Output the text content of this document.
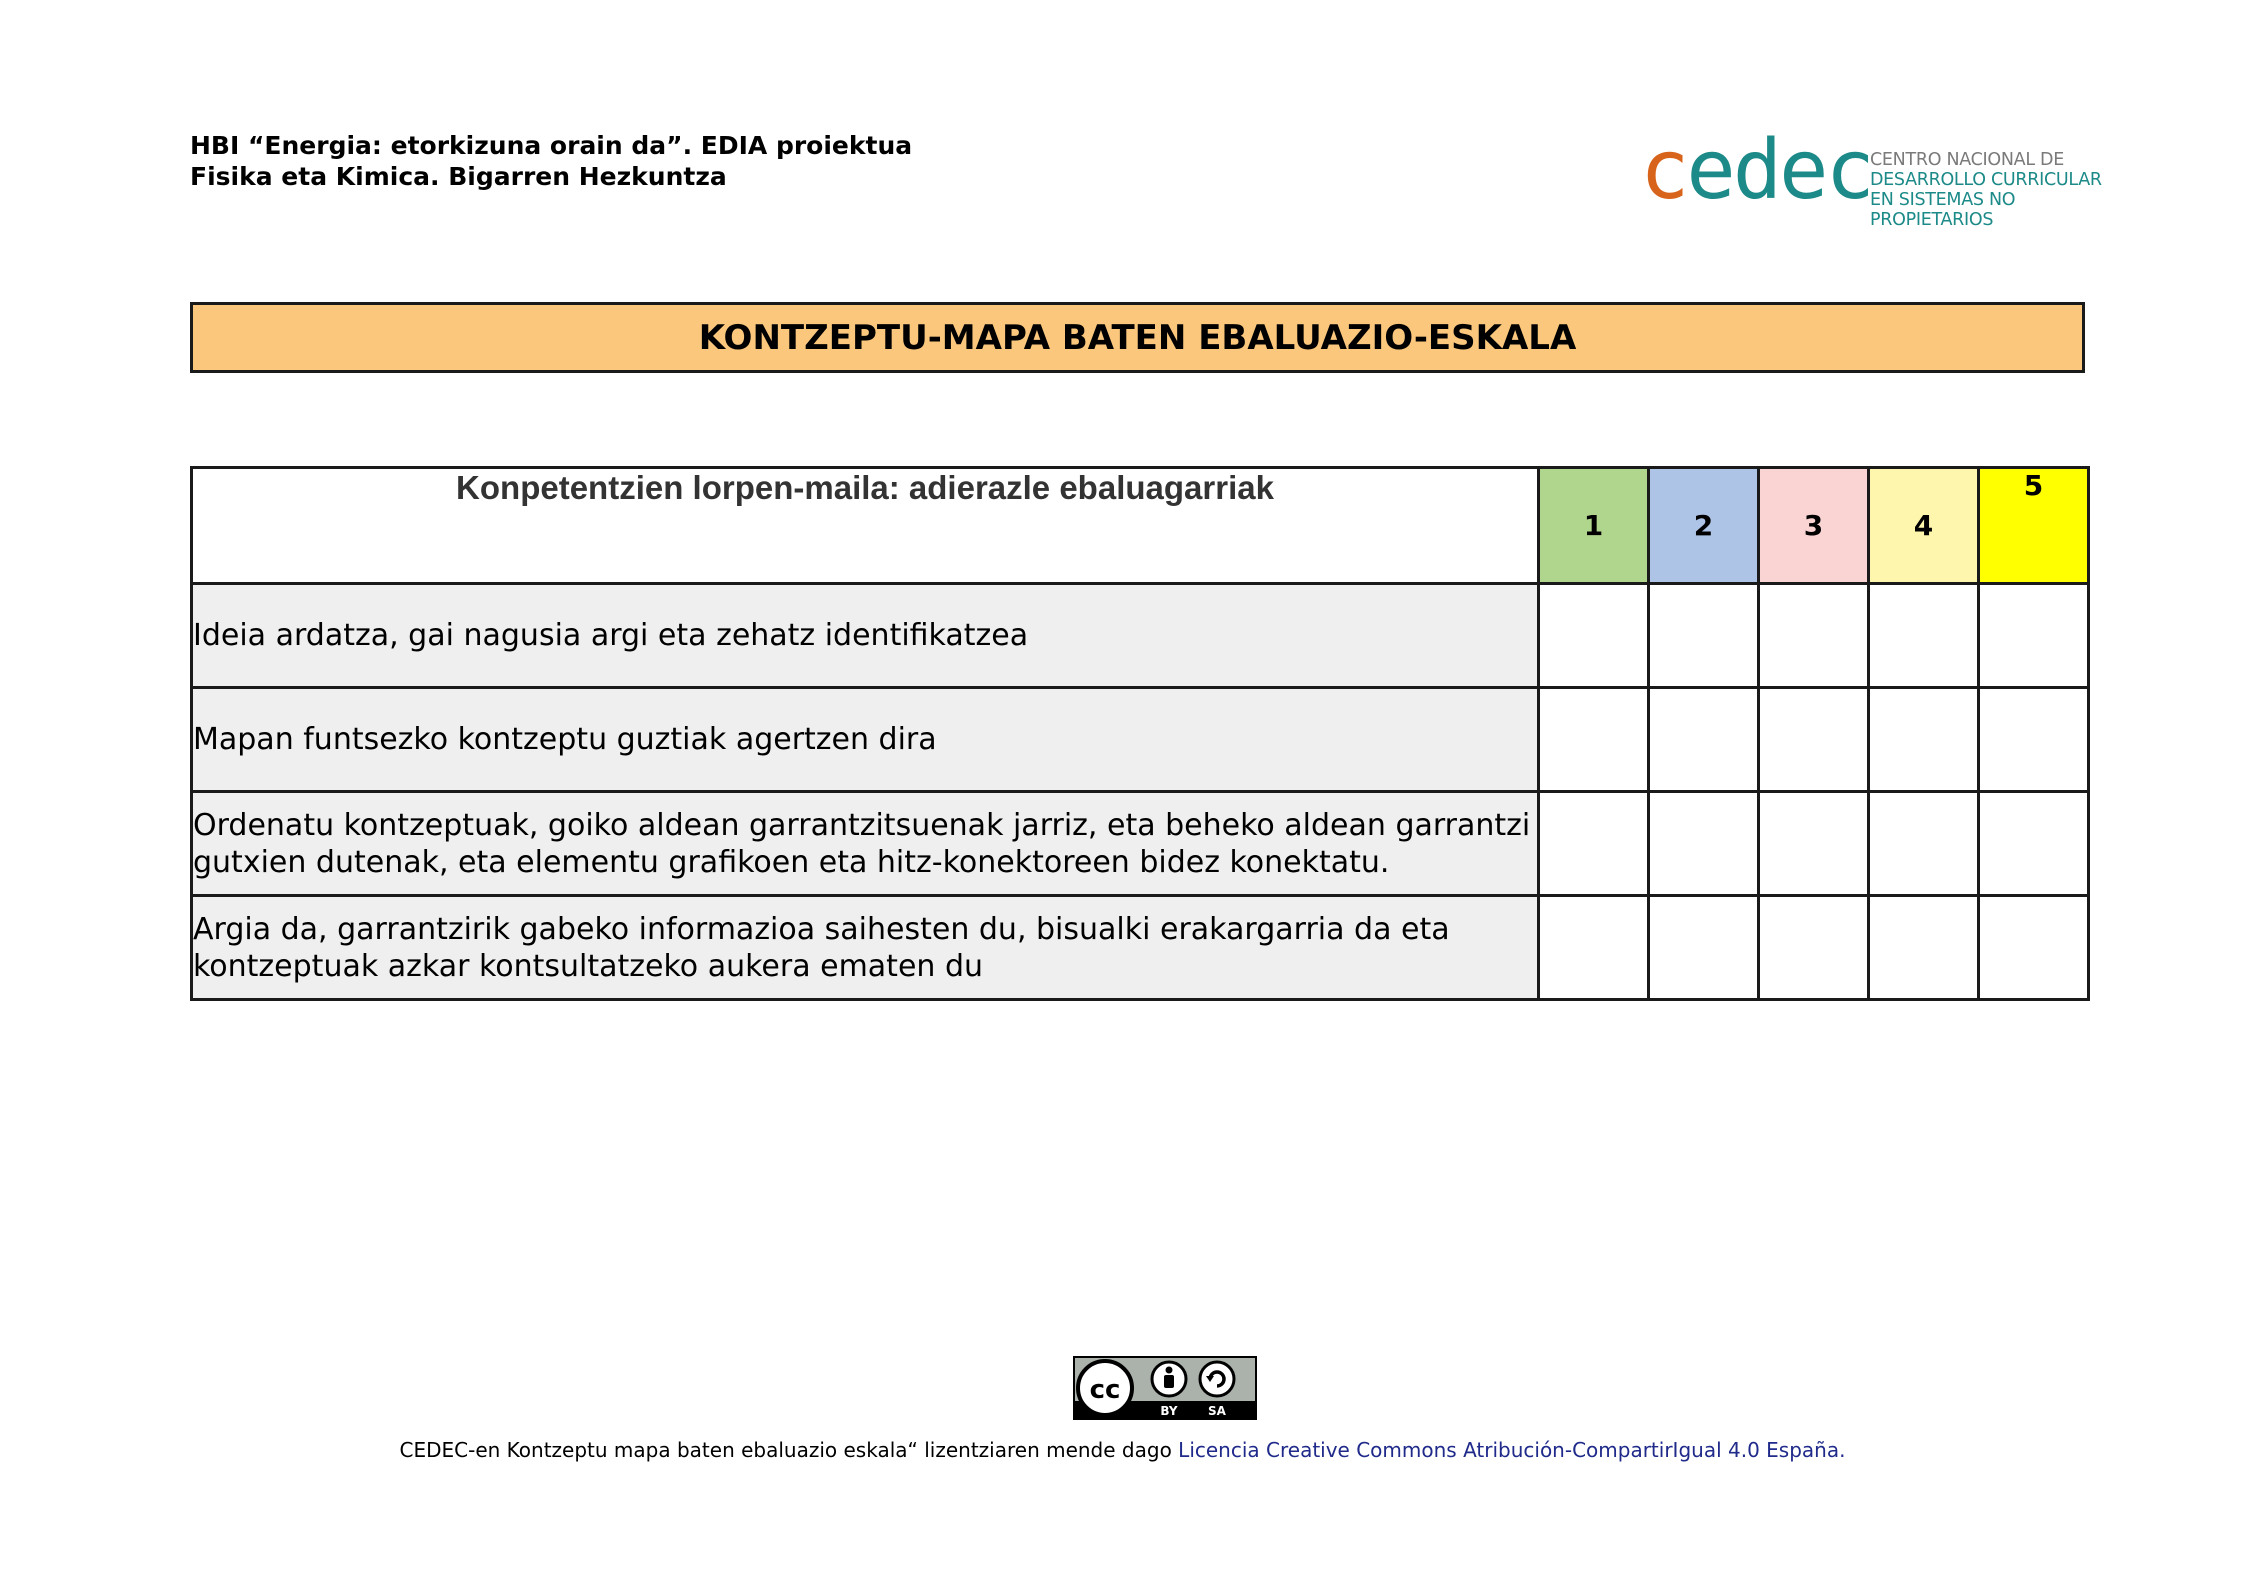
HBI “Energia: etorkizuna orain da”. EDIA proiektua
Fisika eta Kimica. Bigarren Hezkuntza	cedec
CENTRO NACIONAL DE
DESARROLLO CURRICULAR
EN SISTEMAS NO PROPIETARIOS
KONTZEPTU-MAPA BATEN EBALUAZIO-ESKALA
Konpetentzien lorpen-maila: adierazle ebaluagarriak	1	2	3	4	5
Ideia ardatza, gai nagusia argi eta zehatz identifikatzea					
Mapan funtsezko kontzeptu guztiak agertzen dira					
Ordenatu kontzeptuak, goiko aldean garrantzitsuenak jarriz, eta beheko aldean garrantzi gutxien dutenak, eta elementu grafikoen eta hitz-konektoreen bidez konektatu.					
Argia da, garrantzirik gabeko informazioa saihesten du, bisualki erakargarria da eta kontzeptuak azkar kontsultatzeko aukera ematen du					
cc
BY	SA
CEDEC-en Kontzeptu mapa baten ebaluazio eskala“ lizentziaren mende dago Licencia Creative Commons Atribución-CompartirIgual 4.0 España.
